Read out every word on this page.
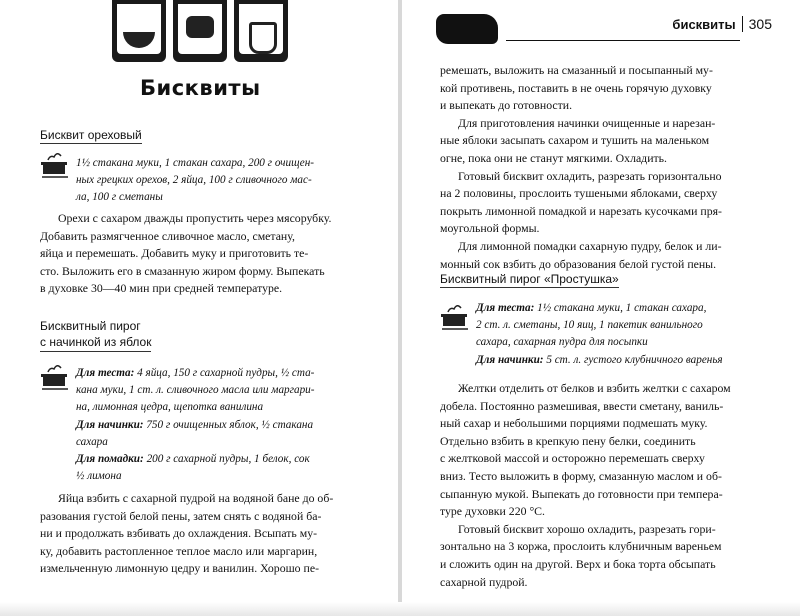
Бисквиты
Бисквит ореховый
1½ стакана муки, 1 стакан сахара, 200 г очищен-
ных грецких орехов, 2 яйца, 100 г сливочного мас-
ла, 100 г сметаны
Орехи с сахаром дважды пропустить через мясорубку.
Добавить размягченное сливочное масло, сметану,
яйца и перемешать. Добавить муку и приготовить те-
сто. Выложить его в смазанную жиром форму. Выпекать
в духовке 30—40 мин при средней температуре.
Бисквитный пирог
с начинкой из яблок
Для теста: 4 яйца, 150 г сахарной пудры, ½ ста-
кана муки, 1 ст. л. сливочного масла или маргари-
на, лимонная цедра, щепотка ванилина
Для начинки: 750 г очищенных яблок, ½ стакана
сахара
Для помадки: 200 г сахарной пудры, 1 белок, сок
½ лимона
Яйца взбить с сахарной пудрой на водяной бане до об-
разования густой белой пены, затем снять с водяной ба-
ни и продолжать взбивать до охлаждения. Всыпать му-
ку, добавить растопленное теплое масло или маргарин,
измельченную лимонную цедру и ванилин. Хорошо пе-
бисквиты 305
ремешать, выложить на смазанный и посыпанный му-
кой противень, поставить в не очень горячую духовку
и выпекать до готовности.
Для приготовления начинки очищенные и нарезан-
ные яблоки засыпать сахаром и тушить на маленьком
огне, пока они не станут мягкими. Охладить.
Готовый бисквит охладить, разрезать горизонтально
на 2 половины, прослоить тушеными яблоками, сверху
покрыть лимонной помадкой и нарезать кусочками пря-
моугольной формы.
Для лимонной помадки сахарную пудру, белок и ли-
монный сок взбить до образования белой густой пены.
Бисквитный пирог «Простушка»
Для теста: 1½ стакана муки, 1 стакан сахара,
2 ст. л. сметаны, 10 яиц, 1 пакетик ванильного
сахара, сахарная пудра для посыпки
Для начинки: 5 ст. л. густого клубничного варенья
Желтки отделить от белков и взбить желтки с сахаром
добела. Постоянно размешивая, ввести сметану, ваниль-
ный сахар и небольшими порциями подмешать муку.
Отдельно взбить в крепкую пену белки, соединить
с желтковой массой и осторожно перемешать сверху
вниз. Тесто выложить в форму, смазанную маслом и об-
сыпанную мукой. Выпекать до готовности при темпера-
туре духовки 220 °C.
Готовый бисквит хорошо охладить, разрезать гори-
зонтально на 3 коржа, прослоить клубничным вареньем
и сложить один на другой. Верх и бока торта обсыпать
сахарной пудрой.
